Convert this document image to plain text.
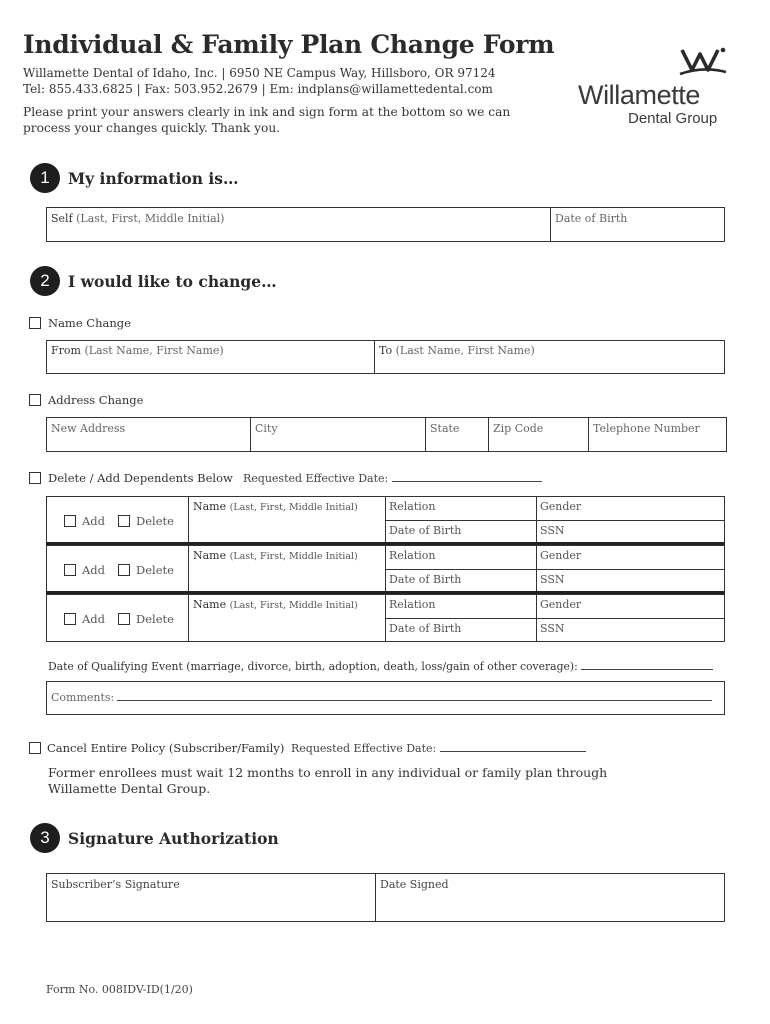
Individual & Family Plan Change Form
Willamette Dental of Idaho, Inc. | 6950 NE Campus Way, Hillsboro, OR 97124
Tel: 855.433.6825 | Fax: 503.952.2679 | Em: indplans@willamettedental.com
Please print your answers clearly in ink and sign form at the bottom so we can process your changes quickly. Thank you.
Willamette
Dental Group
1	My information is…
Self (Last, First, Middle Initial)	Date of Birth
2	I would like to change…
Name Change
From (Last Name, First Name)	To (Last Name, First Name)
Address Change
New Address	City	State	Zip Code	Telephone Number
Delete / Add Dependents Below Requested Effective Date:
Add	Delete
Name (Last, First, Middle Initial)	Relation	Gender
Date of Birth	SSN
Add	Delete
Name (Last, First, Middle Initial)	Relation	Gender
Date of Birth	SSN
Add	Delete
Name (Last, First, Middle Initial)	Relation	Gender
Date of Birth	SSN
Date of Qualifying Event (marriage, divorce, birth, adoption, death, loss/gain of other coverage):
Comments:
Cancel Entire Policy (Subscriber/Family) Requested Effective Date:
Former enrollees must wait 12 months to enroll in any individual or family plan through Willamette Dental Group.
3	Signature Authorization
Subscriber’s Signature	Date Signed
Form No. 008IDV-ID(1/20)
